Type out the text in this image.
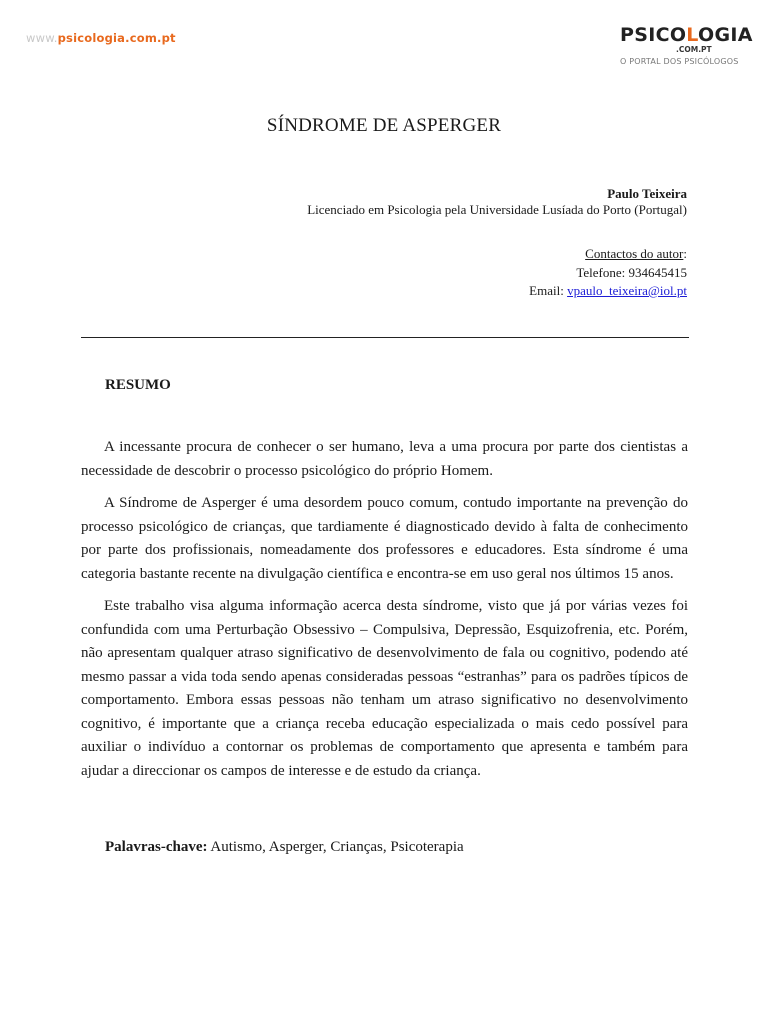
www.psicologia.com.pt	PSICOLOGIA
.COM.PT
O PORTAL DOS PSICÓLOGOS
SÍNDROME DE ASPERGER
Paulo Teixeira
Licenciado em Psicologia pela Universidade Lusíada do Porto (Portugal)
Contactos do autor:
Telefone: 934645415
Email: vpaulo_teixeira@iol.pt
RESUMO

A incessante procura de conhecer o ser humano, leva a uma procura por parte dos cientistas a necessidade de descobrir o processo psicológico do próprio Homem.

A Síndrome de Asperger é uma desordem pouco comum, contudo importante na prevenção do processo psicológico de crianças, que tardiamente é diagnosticado devido à falta de conhecimento por parte dos profissionais, nomeadamente dos professores e educadores. Esta síndrome é uma categoria bastante recente na divulgação científica e encontra-se em uso geral nos últimos 15 anos.

Este trabalho visa alguma informação acerca desta síndrome, visto que já por várias vezes foi confundida com uma Perturbação Obsessivo – Compulsiva, Depressão, Esquizofrenia, etc. Porém, não apresentam qualquer atraso significativo de desenvolvimento de fala ou cognitivo, podendo até mesmo passar a vida toda sendo apenas consideradas pessoas “estranhas” para os padrões típicos de comportamento. Embora essas pessoas não tenham um atraso significativo no desenvolvimento cognitivo, é importante que a criança receba educação especializada o mais cedo possível para auxiliar o indivíduo a contornar os problemas de comportamento que apresenta e também para ajudar a direccionar os campos de interesse e de estudo da criança.

Palavras-chave: Autismo, Asperger, Crianças, Psicoterapia
